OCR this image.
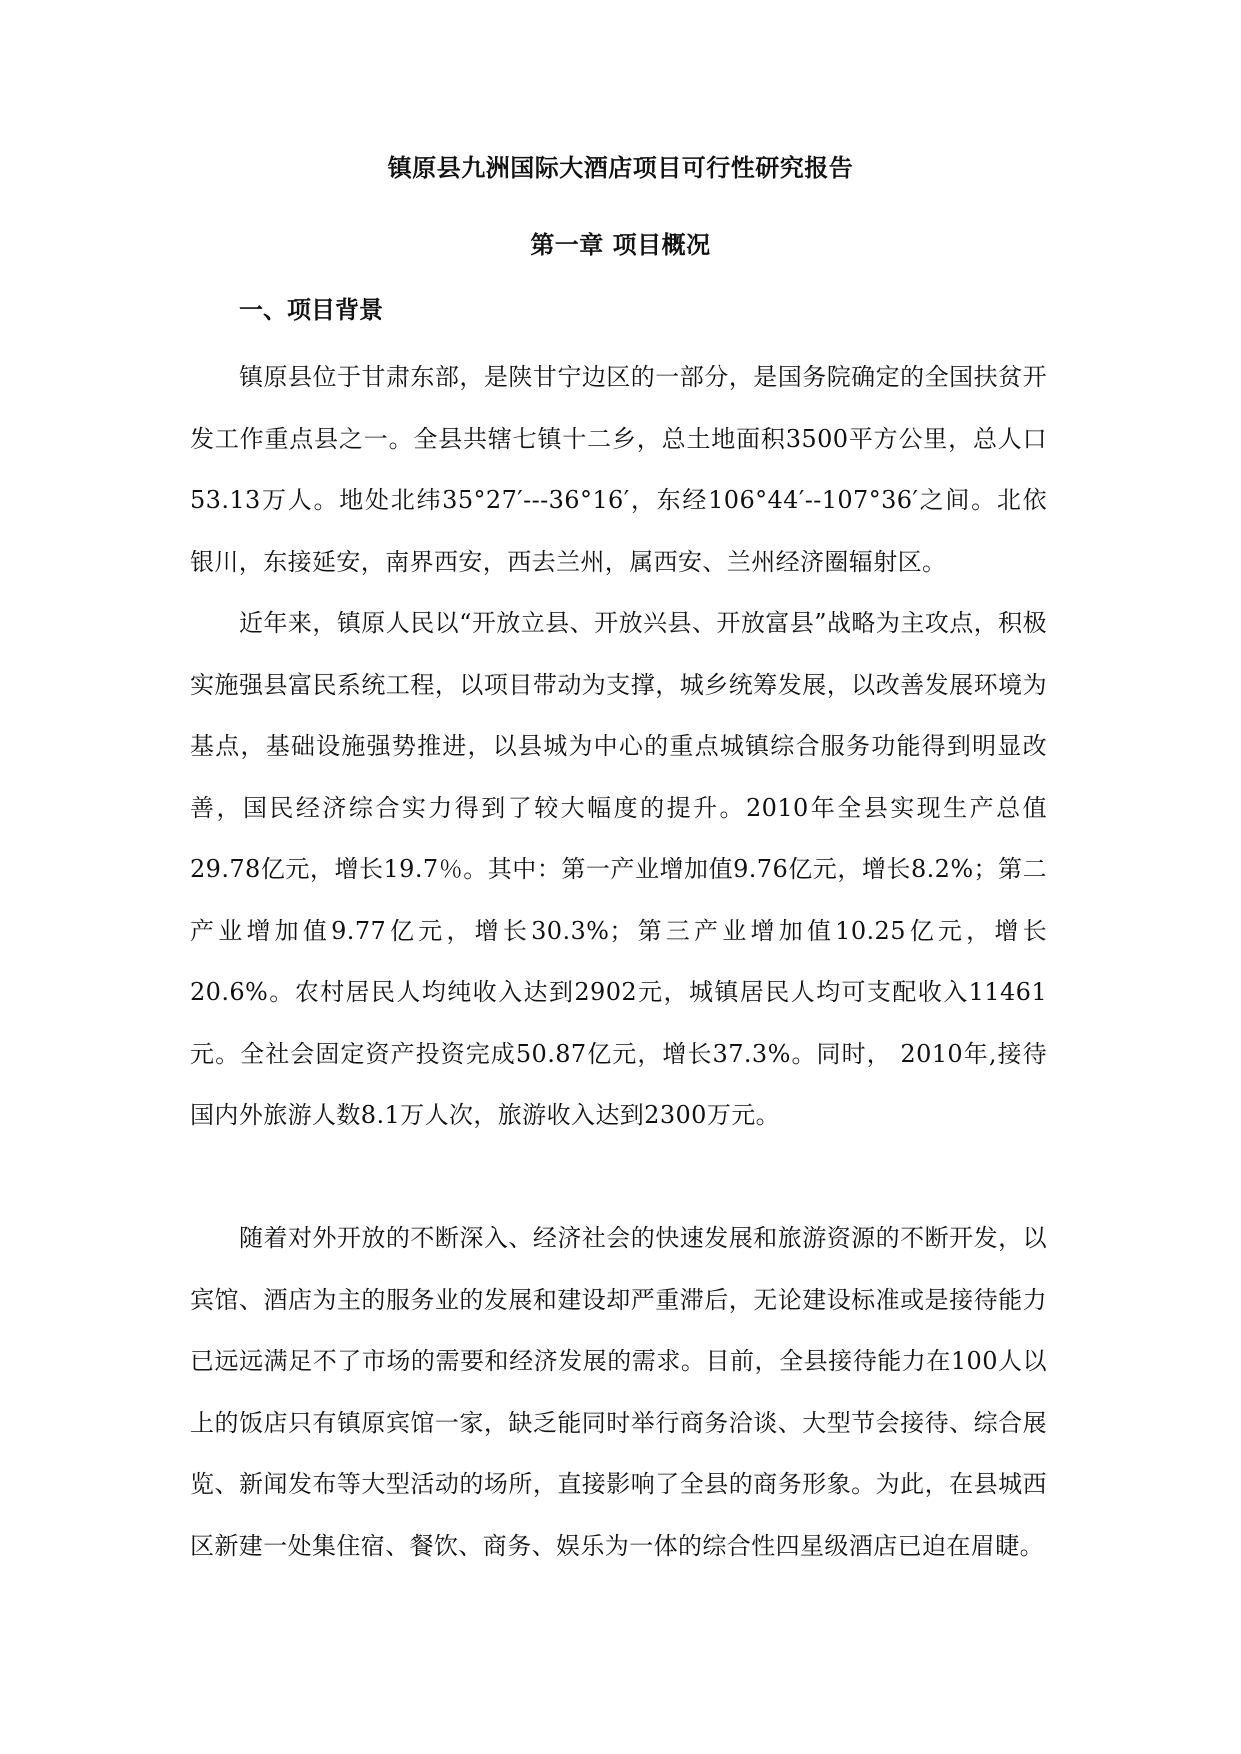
镇原县九洲国际大酒店项目可行性研究报告
第一章 项目概况
一、项目背景

镇原县位于甘肃东部，是陕甘宁边区的一部分，是国务院确定的全国扶贫开发工作重点县之一。全县共辖七镇十二乡，总土地面积3500平方公里，总人口53.13万人。地处北纬35°27′---36°16′，东经106°44′--107°36′之间。北依银川，东接延安，南界西安，西去兰州，属西安、兰州经济圈辐射区。

近年来，镇原人民以“开放立县、开放兴县、开放富县”战略为主攻点，积极实施强县富民系统工程，以项目带动为支撑，城乡统筹发展，以改善发展环境为基点，基础设施强势推进，以县城为中心的重点城镇综合服务功能得到明显改善，国民经济综合实力得到了较大幅度的提升。2010年全县实现生产总值29.78亿元，增长19.7％。其中：第一产业增加值9.76亿元，增长8.2%；第二产业增加值9.77亿元，增长30.3%；第三产业增加值10.25亿元，增长20.6%。农村居民人均纯收入达到2902元，城镇居民人均可支配收入11461元。全社会固定资产投资完成50.87亿元，增长37.3%。同时， 2010年,接待国内外旅游人数8.1万人次，旅游收入达到2300万元。

随着对外开放的不断深入、经济社会的快速发展和旅游资源的不断开发，以宾馆、酒店为主的服务业的发展和建设却严重滞后，无论建设标准或是接待能力已远远满足不了市场的需要和经济发展的需求。目前，全县接待能力在100人以上的饭店只有镇原宾馆一家，缺乏能同时举行商务洽谈、大型节会接待、综合展览、新闻发布等大型活动的场所，直接影响了全县的商务形象。为此，在县城西区新建一处集住宿、餐饮、商务、娱乐为一体的综合性四星级酒店已迫在眉睫。
